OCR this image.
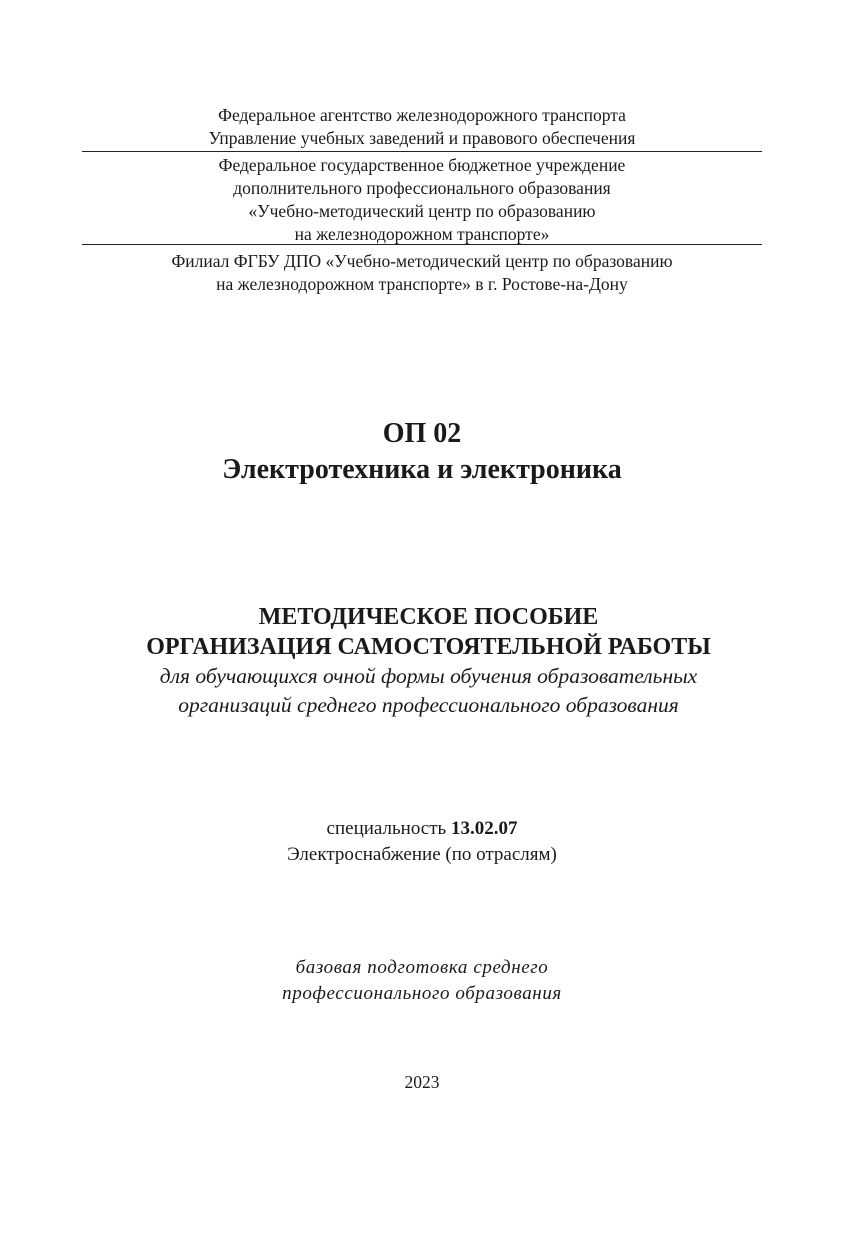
Федеральное агентство железнодорожного транспорта
Управление учебных заведений и правового обеспечения
Федеральное государственное бюджетное учреждение
дополнительного профессионального образования
«Учебно-методический центр по образованию
на железнодорожном транспорте»
Филиал ФГБУ ДПО «Учебно-методический центр по образованию
на железнодорожном транспорте» в г. Ростове-на-Дону
ОП 02
Электротехника и электроника
МЕТОДИЧЕСКОЕ ПОСОБИЕ
ОРГАНИЗАЦИЯ САМОСТОЯТЕЛЬНОЙ РАБОТЫ
для обучающихся очной формы обучения образовательных
организаций среднего профессионального образования
специальность 13.02.07
Электроснабжение (по отраслям)
базовая подготовка среднего
профессионального образования
2023
